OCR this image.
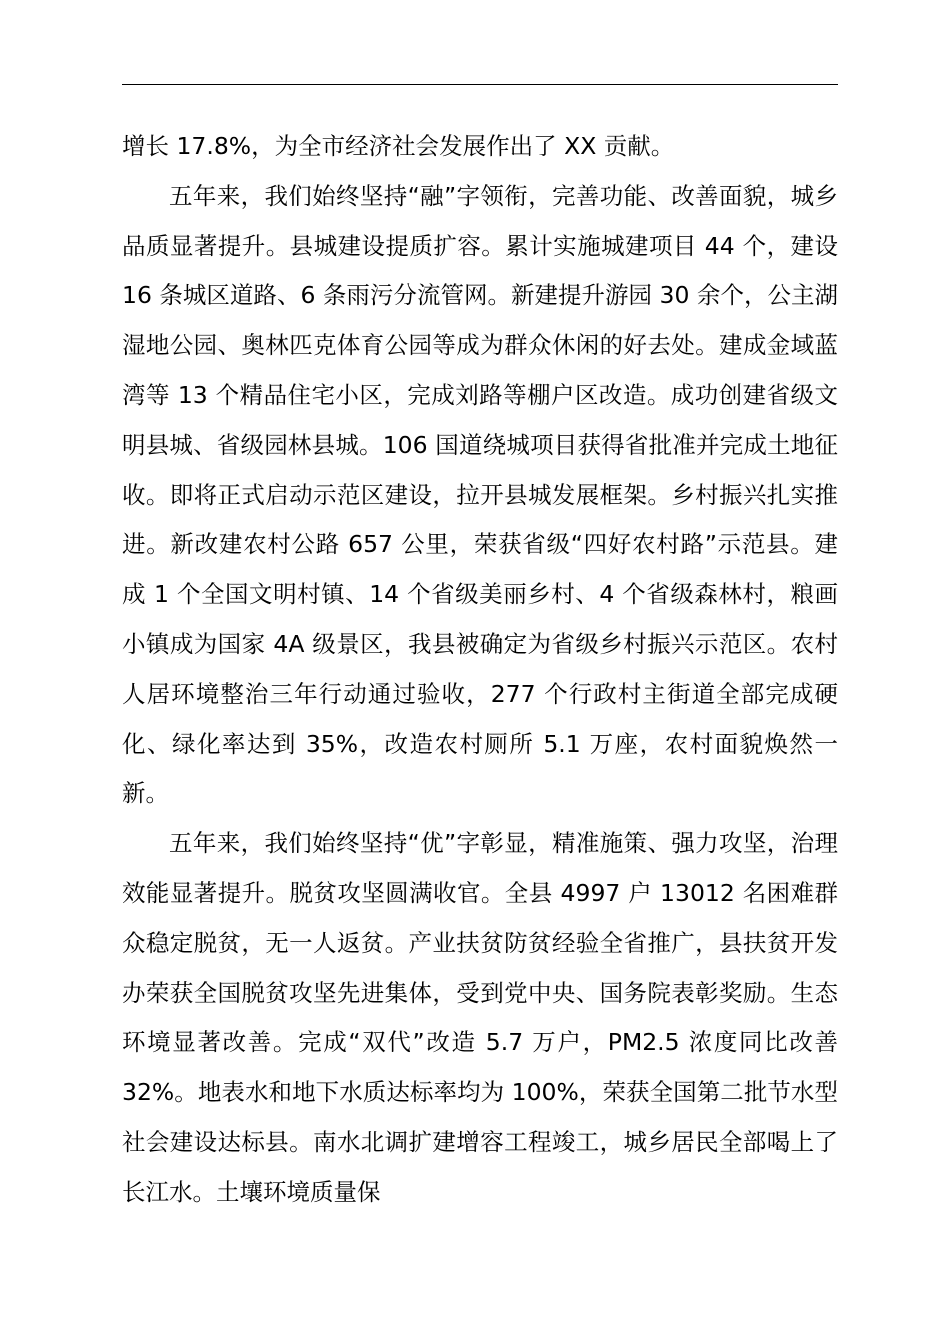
增长 17.8%，为全市经济社会发展作出了 XX 贡献。

五年来，我们始终坚持“融”字领衔，完善功能、改善面貌，城乡品质显著提升。县城建设提质扩容。累计实施城建项目 44 个，建设 16 条城区道路、6 条雨污分流管网。新建提升游园 30 余个，公主湖湿地公园、奥林匹克体育公园等成为群众休闲的好去处。建成金域蓝湾等 13 个精品住宅小区，完成刘路等棚户区改造。成功创建省级文明县城、省级园林县城。106 国道绕城项目获得省批准并完成土地征收。即将正式启动示范区建设，拉开县城发展框架。乡村振兴扎实推进。新改建农村公路 657 公里，荣获省级“四好农村路”示范县。建成 1 个全国文明村镇、14 个省级美丽乡村、4 个省级森林村，粮画小镇成为国家 4A 级景区，我县被确定为省级乡村振兴示范区。农村人居环境整治三年行动通过验收，277 个行政村主街道全部完成硬化、绿化率达到 35%，改造农村厕所 5.1 万座，农村面貌焕然一新。

五年来，我们始终坚持“优”字彰显，精准施策、强力攻坚，治理效能显著提升。脱贫攻坚圆满收官。全县 4997 户 13012 名困难群众稳定脱贫，无一人返贫。产业扶贫防贫经验全省推广，县扶贫开发办荣获全国脱贫攻坚先进集体，受到党中央、国务院表彰奖励。生态环境显著改善。完成“双代”改造 5.7 万户，PM2.5 浓度同比改善 32%。地表水和地下水质达标率均为 100%，荣获全国第二批节水型社会建设达标县。南水北调扩建增容工程竣工，城乡居民全部喝上了长江水。土壤环境质量保
